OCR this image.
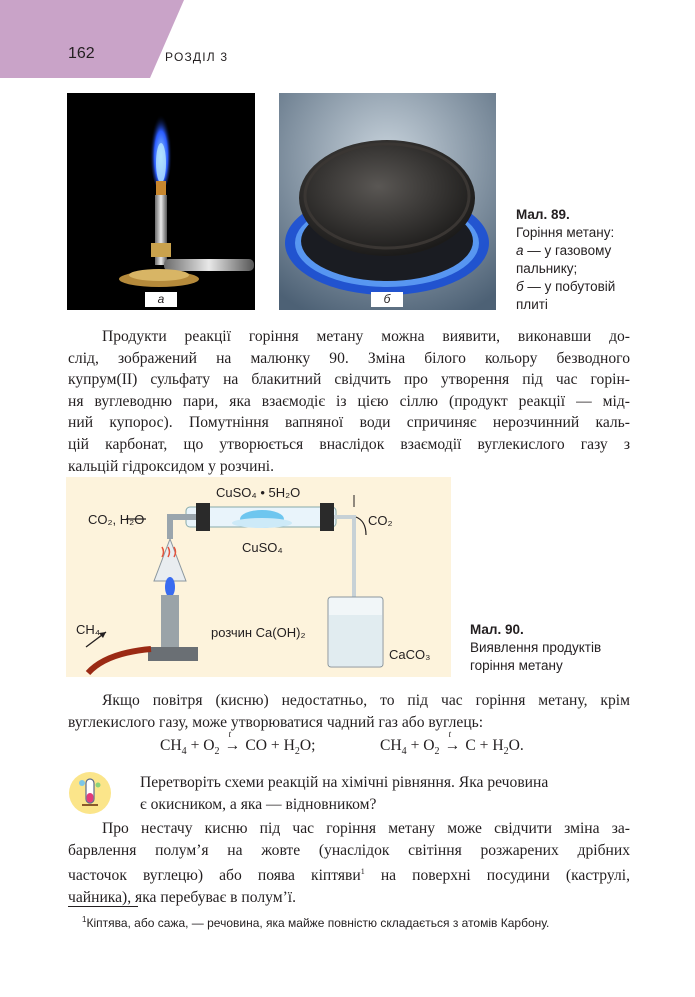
162	РОЗДІЛ 3
а	б
Мал. 89.
Горіння метану:
а — у газовому
пальнику;
б — у побутовій
плиті
Продукти реакції горіння метану можна виявити, виконавши до-
слід, зображений на малюнку 90. Зміна білого кольору безводного
купрум(ІІ) сульфату на блакитний свідчить про утворення під час горін-
ня вуглеводню пари, яка взаємодіє із цією сіллю (продукт реакції — мід-
ний купорос). Помутніння вапняної води спричиняє нерозчинний каль-
цій карбонат, що утворюється внаслідок взаємодії вуглекислого газу з
кальцій гідроксидом у розчині.
CuSO₄ • 5H₂O
CO₂, H₂O	CO₂
CuSO₄
CH₄	розчин Ca(OH)₂
CaCO₃
Мал. 90.
Виявлення продуктів
горіння метану
Якщо повітря (кисню) недостатньо, то під час горіння метану, крім
вуглекислого газу, може утворюватися чадний газ або вуглець:
$CH_4 + O_2$
t
→ CO + $H_2O$;	$CH_4 + O_2$
t
→ $C + H_2O$.
Перетворіть схеми реакцій на хімічні рівняння. Яка речовина
є окисником, а яка — відновником?
Про нестачу кисню під час горіння метану може свідчити зміна за-
барвлення полум’я на жовте (унаслідок світіння розжарених дрібних
часточок вуглецю) або поява кіптяви$^1$ на поверхні посудини (каструлі,
чайника), яка перебуває в полум’ї.
$^1$Кіптява, або сажа, — речовина, яка майже повністю складається з атомів Карбону.
